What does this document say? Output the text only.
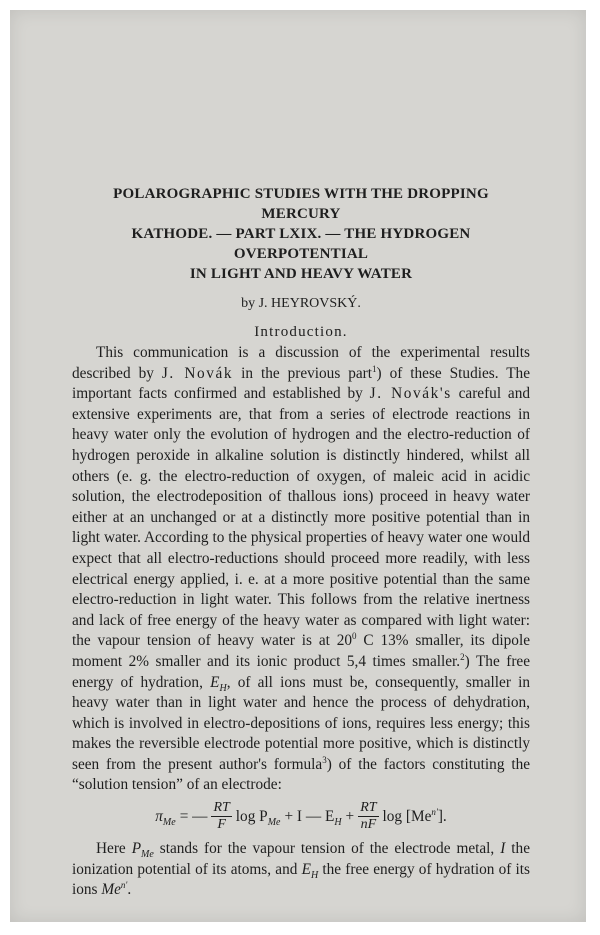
POLAROGRAPHIC STUDIES WITH THE DROPPING MERCURY
KATHODE. — PART LXIX. — THE HYDROGEN OVERPOTENTIAL
IN LIGHT AND HEAVY WATER
by J. HEYROVSKÝ.
Introduction.

This communication is a discussion of the experimental results described by J. Novák in the previous part$^1$) of these Studies. The important facts confirmed and established by J. Novák's careful and extensive experiments are, that from a series of electrode reactions in heavy water only the evolution of hydrogen and the electro-reduction of hydrogen peroxide in alkaline solution is distinctly hindered, whilst all others (e. g. the electro-reduction of oxygen, of maleic acid in acidic solution, the electrodeposition of thallous ions) proceed in heavy water either at an unchanged or at a distinctly more positive potential than in light water. According to the physical properties of heavy water one would expect that all electro-reductions should proceed more readily, with less electrical energy applied, i. e. at a more positive potential than the same electro-reduction in light water. This follows from the relative inertness and lack of free energy of the heavy water as compared with light water: the vapour tension of heavy water is at $20^0$ C 13% smaller, its dipole moment 2% smaller and its ionic product 5,4 times smaller.$^2$) The free energy of hydration, $E_H$, of all ions must be, consequently, smaller in heavy water than in light water and hence the process of dehydration, which is involved in electro-depositions of ions, requires less energy; this makes the reversible electrode potential more positive, which is distinctly seen from the present author's formula$^3$) of the factors constituting the “solution tension” of an electrode:

$\pi_{Me}$ = — $\frac{RT}{F}$ $\log P_{Me} + I$ — $E_H + \frac{RT}{nF}$ $\log [Me^{n'}]$.

Here $P_{Me}$ stands for the vapour tension of the electrode metal, I the ionization potential of its atoms, and $E_H$ the free energy of hydration of its ions $Me^{n'}$.
